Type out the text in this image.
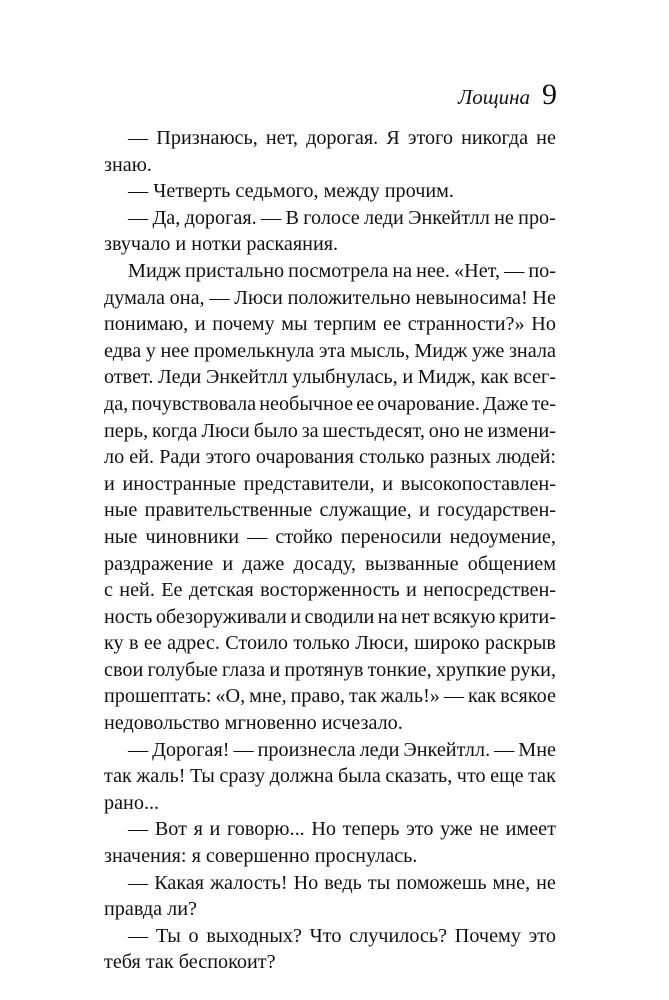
Лощина 9
— Признаюсь, нет, дорогая. Я этого никогда не
знаю.
— Четверть седьмого, между прочим.
— Да, дорогая. — В голосе леди Энкейтлл не про-
звучало и нотки раскаяния.
Мидж пристально посмотрела на нее. «Нет, — по-
думала она, — Люси положительно невыносима! Не
понимаю, и почему мы терпим ее странности?» Но
едва у нее промелькнула эта мысль, Мидж уже знала
ответ. Леди Энкейтлл улыбнулась, и Мидж, как всег-
да, почувствовала необычное ее очарование. Даже те-
перь, когда Люси было за шестьдесят, оно не измени-
ло ей. Ради этого очарования столько разных людей:
и иностранные представители, и высокопоставлен-
ные правительственные служащие, и государствен-
ные чиновники — стойко переносили недоумение,
раздражение и даже досаду, вызванные общением
с ней. Ее детская восторженность и непосредствен-
ность обезоруживали и сводили на нет всякую крити-
ку в ее адрес. Стоило только Люси, широко раскрыв
свои голубые глаза и протянув тонкие, хрупкие руки,
прошептать: «О, мне, право, так жаль!» — как всякое
недовольство мгновенно исчезало.
— Дорогая! — произнесла леди Энкейтлл. — Мне
так жаль! Ты сразу должна была сказать, что еще так
рано...
— Вот я и говорю... Но теперь это уже не имеет
значения: я совершенно проснулась.
— Какая жалость! Но ведь ты поможешь мне, не
правда ли?
— Ты о выходных? Что случилось? Почему это
тебя так беспокоит?
